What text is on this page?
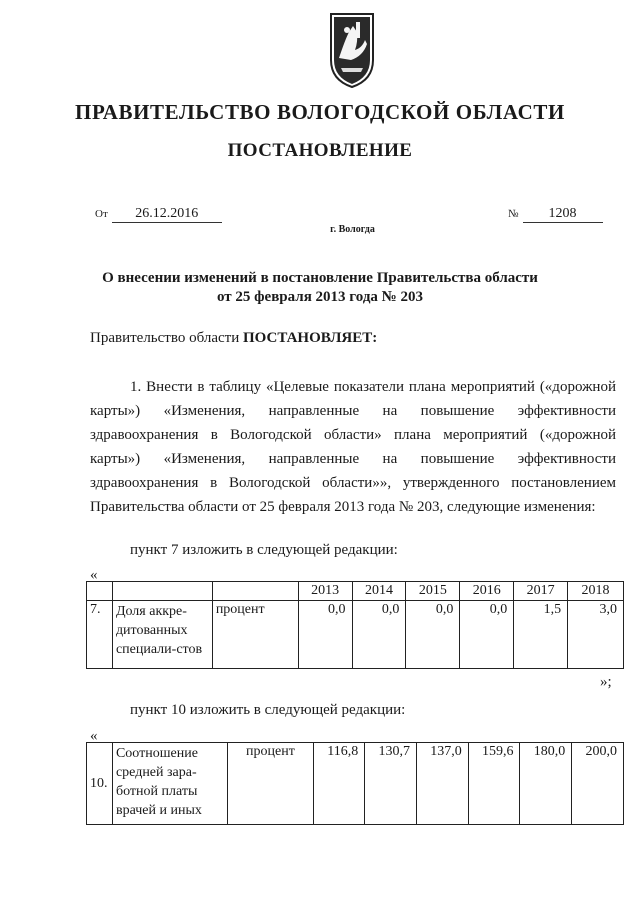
ПРАВИТЕЛЬСТВО ВОЛОГОДСКОЙ ОБЛАСТИ
ПОСТАНОВЛЕНИЕ
От 26.12.2016	№ 1208
г. Вологда
О внесении изменений в постановление Правительства области
от 25 февраля 2013 года № 203
Правительство области ПОСТАНОВЛЯЕТ:
1. Внести в таблицу «Целевые показатели плана мероприятий («дорожной карты») «Изменения, направленные на повышение эффективности здравоохранения в Вологодской области» плана мероприятий («дорожной карты») «Изменения, направленные на повышение эффективности здравоохранения в Вологодской области»», утвержденного постановлением Правительства области от 25 февраля 2013 года № 203, следующие изменения:
пункт 7 изложить в следующей редакции:
«
			2013	2014	2015	2016	2017	2018
7.	Доля аккре-дитованных специали-стов	процент	0,0	0,0	0,0	0,0	1,5	3,0
»;
пункт 10 изложить в следующей редакции:
«
10.	Соотношение средней зара-ботной платы врачей и иных	процент	116,8	130,7	137,0	159,6	180,0	200,0
